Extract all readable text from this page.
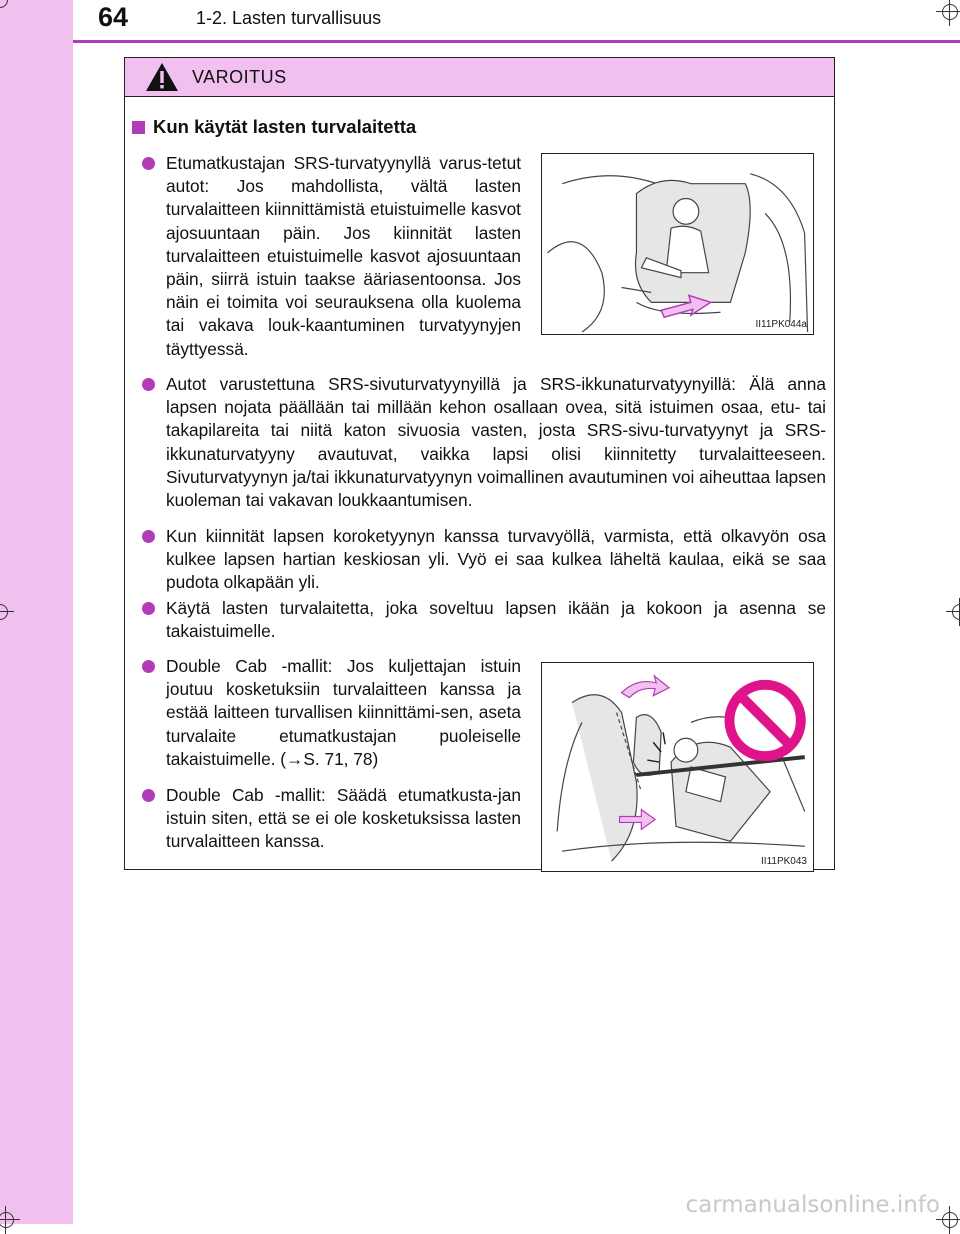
64	1-2. Lasten turvallisuus
VAROITUS
Kun käytät lasten turvalaitetta
Etumatkustajan SRS-turvatyynyllä varus-tetut autot: Jos mahdollista, vältä lasten turvalaitteen kiinnittämistä etuistuimelle kasvot ajosuuntaan päin. Jos kiinnität lasten turvalaitteen etuistuimelle kasvot ajosuuntaan päin, siirrä istuin taakse ääriasentoonsa. Jos näin ei toimita voi seurauksena olla kuolema tai vakava louk-kaantuminen turvatyynyjen täyttyessä.
II11PK044a
Autot varustettuna SRS-sivuturvatyynyillä ja SRS-ikkunaturvatyynyillä: Älä anna lapsen nojata päällään tai millään kehon osallaan ovea, sitä istuimen osaa, etu- tai takapilareita tai niitä katon sivuosia vasten, josta SRS-sivu-turvatyynyt ja SRS-ikkunaturvatyyny avautuvat, vaikka lapsi olisi kiinnitetty turvalaitteeseen. Sivuturvatyynyn ja/tai ikkunaturvatyynyn voimallinen avautuminen voi aiheuttaa lapsen kuoleman tai vakavan loukkaantumisen.
Kun kiinnität lapsen koroketyynyn kanssa turvavyöllä, varmista, että olkavyön osa kulkee lapsen hartian keskiosan yli. Vyö ei saa kulkea läheltä kaulaa, eikä se saa pudota olkapään yli.
Käytä lasten turvalaitetta, joka soveltuu lapsen ikään ja kokoon ja asenna se takaistuimelle.
Double Cab -mallit: Jos kuljettajan istuin joutuu kosketuksiin turvalaitteen kanssa ja estää laitteen turvallisen kiinnittämi-sen, aseta turvalaite etumatkustajan puoleiselle takaistuimelle. (→S. 71, 78)
Double Cab -mallit: Säädä etumatkusta-jan istuin siten, että se ei ole kosketuksissa lasten turvalaitteen kanssa.
II11PK043
carmanualsonline.info
